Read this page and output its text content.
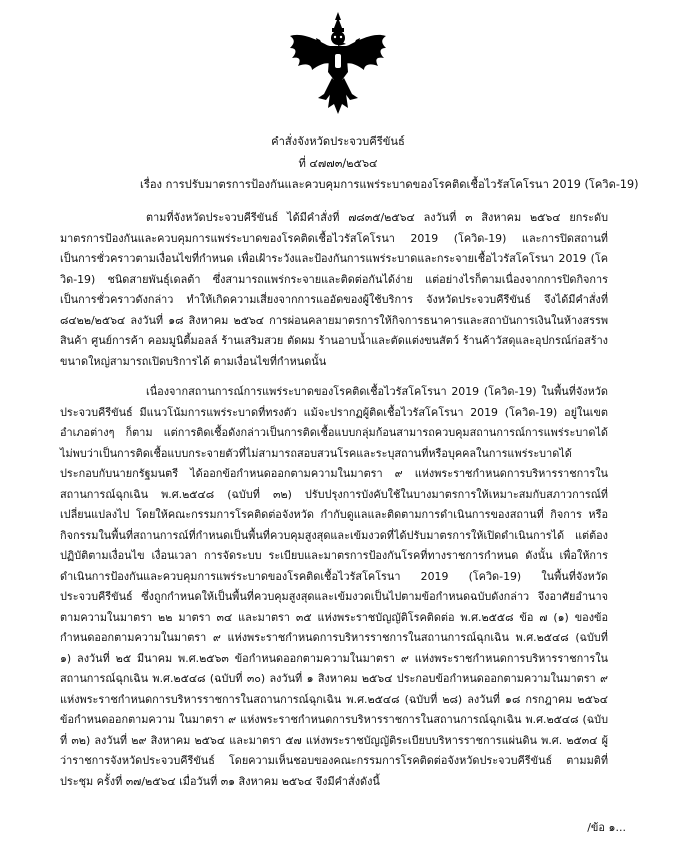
คำสั่งจังหวัดประจวบคีรีขันธ์
ที่ ๔๗๗๓/๒๕๖๔
เรื่อง การปรับมาตรการป้องกันและควบคุมการแพร่ระบาดของโรคติดเชื้อไวรัสโคโรนา 2019 (โควิด-19)

ตามที่จังหวัดประจวบคีรีขันธ์ ได้มีคำสั่งที่ ๗๘๓๕/๒๕๖๔ ลงวันที่ ๓ สิงหาคม ๒๕๖๔ ยกระดับมาตรการป้องกันและควบคุมการแพร่ระบาดของโรคติดเชื้อไวรัสโคโรนา 2019 (โควิด-19) และการปิดสถานที่เป็นการชั่วคราวตามเงื่อนไขที่กำหนด เพื่อเฝ้าระวังและป้องกันการแพร่ระบาดและกระจายเชื้อไวรัสโคโรนา 2019 (โควิด-19) ชนิดสายพันธุ์เดลต้า ซึ่งสามารถแพร่กระจายและติดต่อกันได้ง่าย แต่อย่างไรก็ตามเนื่องจากการปิดกิจการเป็นการชั่วคราวดังกล่าว ทำให้เกิดความเสี่ยงจากการแออัดของผู้ใช้บริการ จังหวัดประจวบคีรีขันธ์ จึงได้มีคำสั่งที่ ๘๔๒๒/๒๕๖๔ ลงวันที่ ๑๘ สิงหาคม ๒๕๖๔ การผ่อนคลายมาตรการให้กิจการธนาคารและสถาบันการเงินในห้างสรรพสินค้า ศูนย์การค้า คอมมูนิตี้มอลล์ ร้านเสริมสวย ตัดผม ร้านอาบน้ำและตัดแต่งขนสัตว์ ร้านค้าวัสดุและอุปกรณ์ก่อสร้างขนาดใหญ่สามารถเปิดบริการได้ ตามเงื่อนไขที่กำหนดนั้น

เนื่องจากสถานการณ์การแพร่ระบาดของโรคติดเชื้อไวรัสโคโรนา 2019 (โควิด-19) ในพื้นที่จังหวัดประจวบคีรีขันธ์ มีแนวโน้มการแพร่ระบาดที่ทรงตัว แม้จะปรากฏผู้ติดเชื้อไวรัสโคโรนา 2019 (โควิด-19) อยู่ในเขตอำเภอต่างๆ ก็ตาม แต่การติดเชื้อดังกล่าวเป็นการติดเชื้อแบบกลุ่มก้อนสามารถควบคุมสถานการณ์การแพร่ระบาดได้ ไม่พบว่าเป็นการติดเชื้อแบบกระจายตัวที่ไม่สามารถสอบสวนโรคและระบุสถานที่หรือบุคคลในการแพร่ระบาดได้ ประกอบกับนายกรัฐมนตรี ได้ออกข้อกำหนดออกตามความในมาตรา ๙ แห่งพระราชกำหนดการบริหารราชการในสถานการณ์ฉุกเฉิน พ.ศ.๒๕๔๘ (ฉบับที่ ๓๒) ปรับปรุงการบังคับใช้ในบางมาตรการให้เหมาะสมกับสภาวการณ์ที่เปลี่ยนแปลงไป โดยให้คณะกรรมการโรคติดต่อจังหวัด กำกับดูแลและติดตามการดำเนินการของสถานที่ กิจการ หรือกิจกรรมในพื้นที่สถานการณ์ที่กำหนดเป็นพื้นที่ควบคุมสูงสุดและเข้มงวดที่ได้ปรับมาตรการให้เปิดดำเนินการได้ แต่ต้องปฏิบัติตามเงื่อนไข เงื่อนเวลา การจัดระบบ ระเบียบและมาตรการป้องกันโรคที่ทางราชการกำหนด ดังนั้น เพื่อให้การดำเนินการป้องกันและควบคุมการแพร่ระบาดของโรคติดเชื้อไวรัสโคโรนา 2019 (โควิด-19) ในพื้นที่จังหวัดประจวบคีรีขันธ์ ซึ่งถูกกำหนดให้เป็นพื้นที่ควบคุมสูงสุดและเข้มงวดเป็นไปตามข้อกำหนดฉบับดังกล่าว จึงอาศัยอำนาจตามความในมาตรา ๒๒ มาตรา ๓๔ และมาตรา ๓๕ แห่งพระราชบัญญัติโรคติดต่อ พ.ศ.๒๕๕๘ ข้อ ๗ (๑) ของข้อกำหนดออกตามความในมาตรา ๙ แห่งพระราชกำหนดการบริหารราชการในสถานการณ์ฉุกเฉิน พ.ศ.๒๕๔๘ (ฉบับที่ ๑) ลงวันที่ ๒๕ มีนาคม พ.ศ.๒๕๖๓ ข้อกำหนดออกตามความในมาตรา ๙ แห่งพระราชกำหนดการบริหารราชการในสถานการณ์ฉุกเฉิน พ.ศ.๒๕๔๘ (ฉบับที่ ๓๐) ลงวันที่ ๑ สิงหาคม ๒๕๖๔ ประกอบข้อกำหนดออกตามความในมาตรา ๙ แห่งพระราชกำหนดการบริหารราชการในสถานการณ์ฉุกเฉิน พ.ศ.๒๕๔๘ (ฉบับที่ ๒๘) ลงวันที่ ๑๘ กรกฎาคม ๒๕๖๔ ข้อกำหนดออกตามความ ในมาตรา ๙ แห่งพระราชกำหนดการบริหารราชการในสถานการณ์ฉุกเฉิน พ.ศ.๒๕๔๘ (ฉบับที่ ๓๒) ลงวันที่ ๒๙ สิงหาคม ๒๕๖๔ และมาตรา ๕๗ แห่งพระราชบัญญัติระเบียบบริหารราชการแผ่นดิน พ.ศ. ๒๕๓๔ ผู้ว่าราชการจังหวัดประจวบคีรีขันธ์ โดยความเห็นชอบของคณะกรรมการโรคติดต่อจังหวัดประจวบคีรีขันธ์ ตามมติที่ประชุม ครั้งที่ ๓๗/๒๕๖๔ เมื่อวันที่ ๓๑ สิงหาคม ๒๕๖๔ จึงมีคำสั่งดังนี้

/ข้อ ๑...
